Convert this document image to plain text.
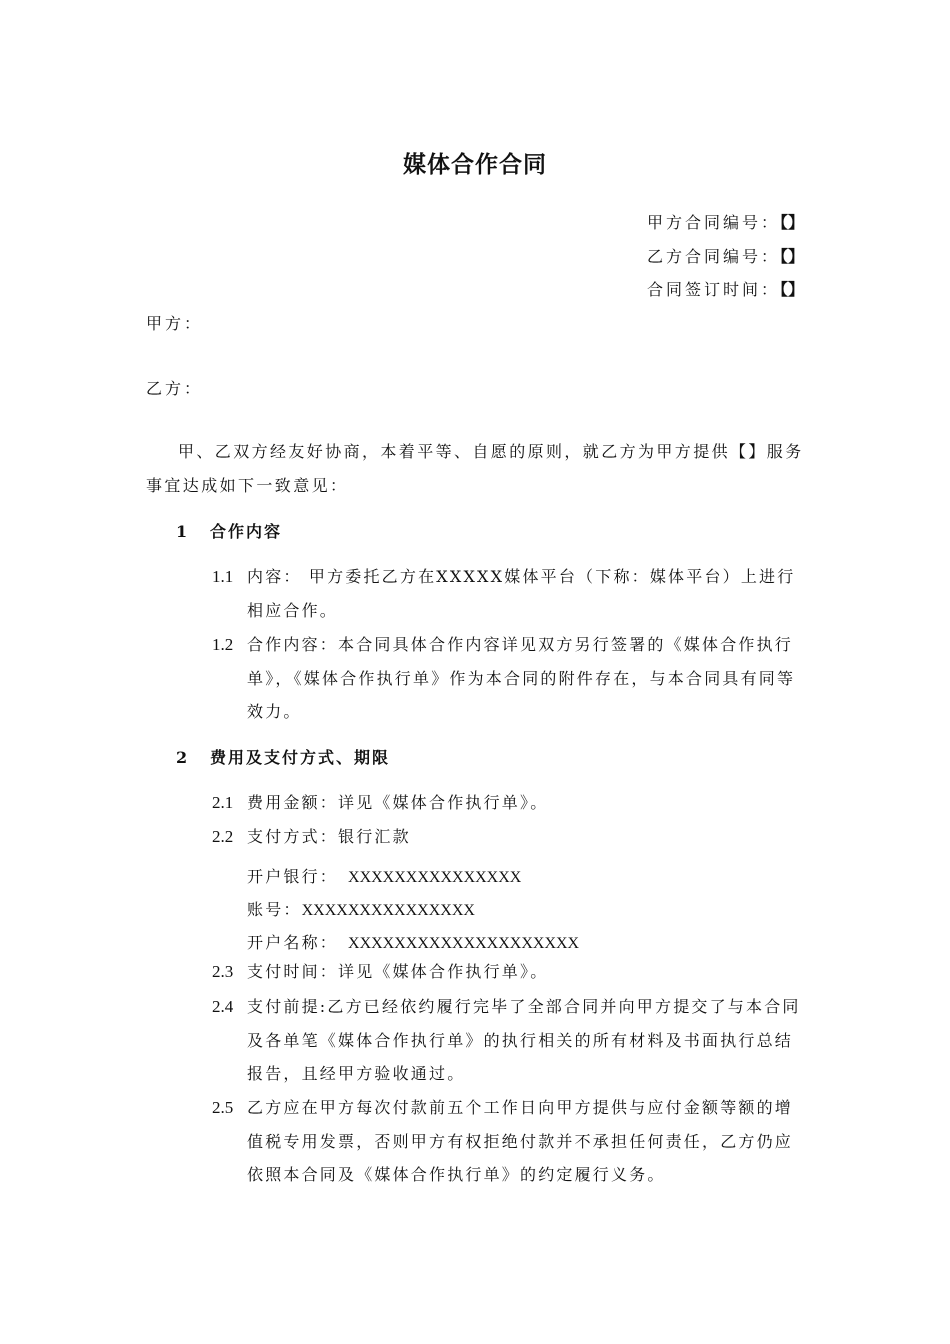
媒体合作合同
甲方合同编号：【】
乙方合同编号：【】
合同签订时间：【】
甲方：
乙方：
甲、乙双方经友好协商，本着平等、自愿的原则，就乙方为甲方提供【】服务事宜达成如下一致意见：
1 合作内容
1.1 内容： 甲方委托乙方在XXXXX媒体平台（下称：媒体平台）上进行相应合作。
1.2 合作内容：本合同具体合作内容详见双方另行签署的《媒体合作执行单》，《媒体合作执行单》作为本合同的附件存在，与本合同具有同等效力。
2 费用及支付方式、期限
2.1 费用金额：详见《媒体合作执行单》。
2.2 支付方式：银行汇款
开户银行： XXXXXXXXXXXXXXX
账号：XXXXXXXXXXXXXXX
开户名称： XXXXXXXXXXXXXXXXXXXX
2.3 支付时间：详见《媒体合作执行单》。
2.4 支付前提:乙方已经依约履行完毕了全部合同并向甲方提交了与本合同及各单笔《媒体合作执行单》的执行相关的所有材料及书面执行总结报告，且经甲方验收通过。
2.5 乙方应在甲方每次付款前五个工作日向甲方提供与应付金额等额的增值税专用发票，否则甲方有权拒绝付款并不承担任何责任，乙方仍应依照本合同及《媒体合作执行单》的约定履行义务。
